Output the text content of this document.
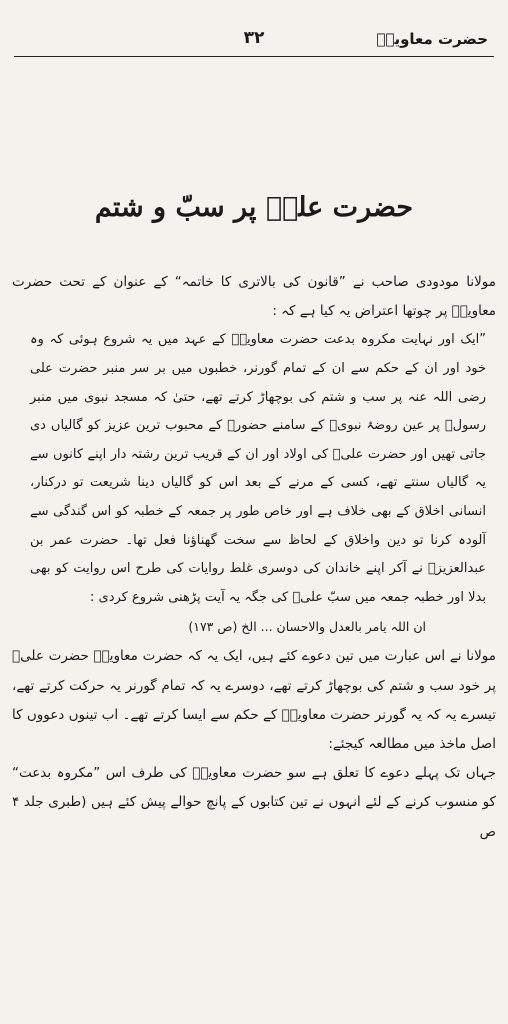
حضرت معاویہؓ
۳۲
حضرت علیؓ پر سبّ و شتم

مولانا مودودی صاحب نے ”قانون کی بالاتری کا خاتمہ“ کے عنوان کے تحت حضرت معاویہؓ پر چوتھا اعتراض یہ کیا ہے کہ :

”ایک اور نہایت مکروہ بدعت حضرت معاویہؓ کے عہد میں یہ شروع ہوئی کہ وہ خود اور ان کے حکم سے ان کے تمام گورنر، خطبوں میں بر سر منبر حضرت علی رضی اللہ عنہ پر سب و شتم کی بوچھاڑ کرتے تھے، حتیٰ کہ مسجد نبوی میں منبر رسولؐ پر عین روضۂ نبویؐ کے سامنے حضورؐ کے محبوب ترین عزیز کو گالیاں دی جاتی تھیں اور حضرت علیؓ کی اولاد اور ان کے قریب ترین رشتہ دار اپنے کانوں سے یہ گالیاں سنتے تھے، کسی کے مرنے کے بعد اس کو گالیاں دینا شریعت تو درکنار، انسانی اخلاق کے بھی خلاف ہے اور خاص طور پر جمعہ کے خطبہ کو اس گندگی سے آلودہ کرنا تو دین واخلاق کے لحاظ سے سخت گھناؤنا فعل تھا۔ حضرت عمر بن عبدالعزیزؒ نے آکر اپنے خاندان کی دوسری غلط روایات کی طرح اس روایت کو بھی بدلا اور خطبہ جمعہ میں سبّ علیؓ کی جگہ یہ آیت پڑھنی شروع کردی :

ان اللہ یامر بالعدل والاحسان ... الخ (ص ۱۷۳)

مولانا نے اس عبارت میں تین دعوے کئے ہیں، ایک یہ کہ حضرت معاویہؓ حضرت علیؓ پر خود سب و شتم کی بوچھاڑ کرتے تھے، دوسرے یہ کہ تمام گورنر یہ حرکت کرتے تھے، تیسرے یہ کہ یہ گورنر حضرت معاویہؓ کے حکم سے ایسا کرتے تھے۔ اب تینوں دعووں کا اصل ماخذ میں مطالعہ کیجئے:

جہاں تک پہلے دعوے کا تعلق ہے سو حضرت معاویہؓ کی طرف اس ”مکروہ بدعت“ کو منسوب کرنے کے لئے انہوں نے تین کتابوں کے پانچ حوالے پیش کئے ہیں (طبری جلد ۴ ص
